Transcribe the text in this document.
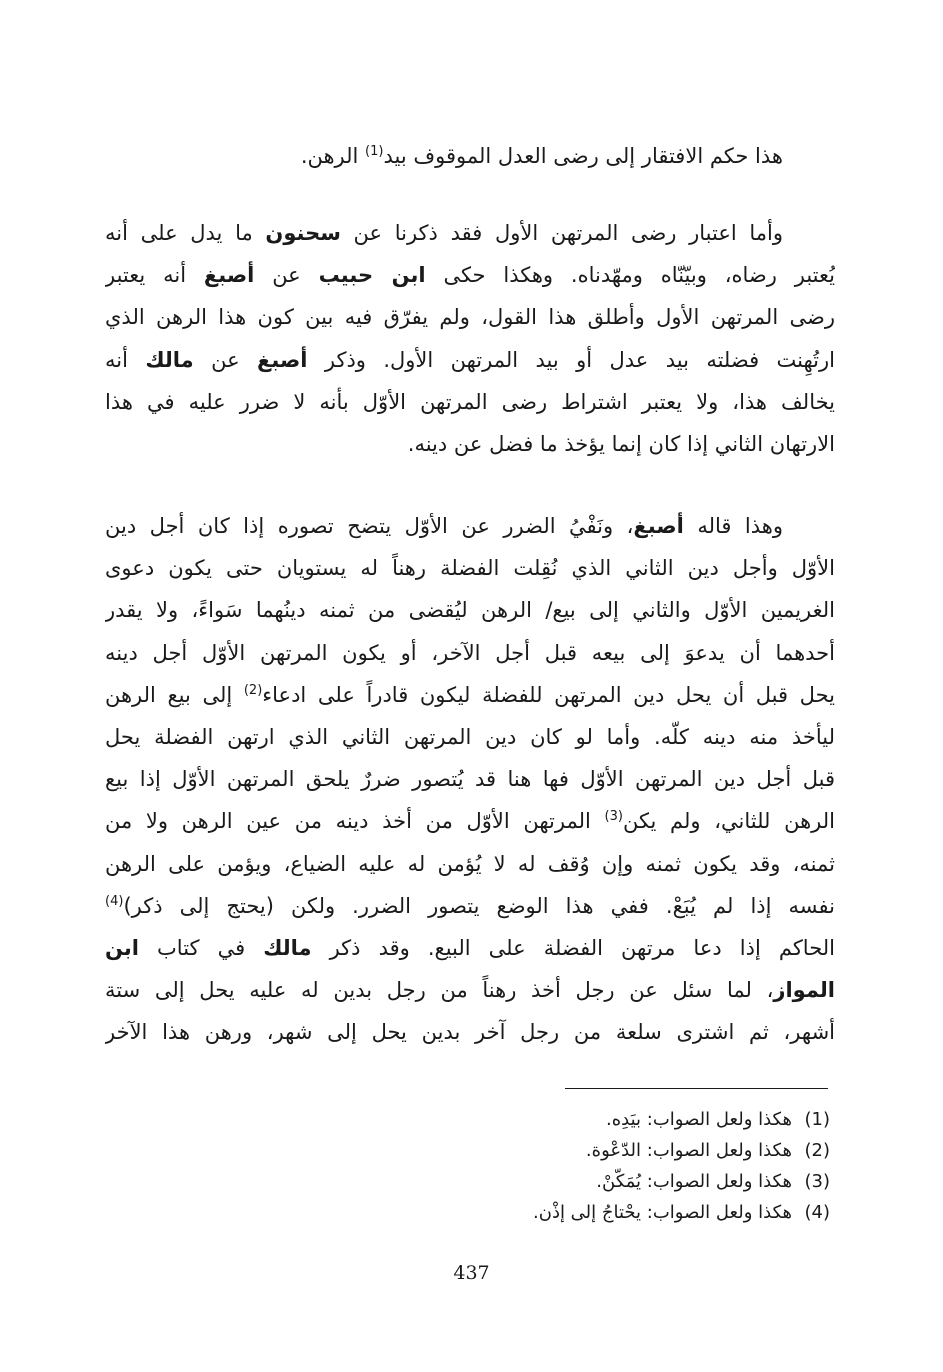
هذا حكم الافتقار إلى رضى العدل الموقوف بيد$^{(1)}$ الرهن.
وأما اعتبار رضى المرتهن الأول فقد ذكرنا عن سحنون ما يدل على أنه
يُعتبر رضاه، وبيّنّاه ومهّدناه. وهكذا حكى ابن حبيب عن أصبغ أنه يعتبر
رضى المرتهن الأول وأطلق هذا القول، ولم يفرّق فيه بين كون هذا الرهن الذي
ارتُهِنت فضلته بيد عدل أو بيد المرتهن الأول. وذكر أصبغ عن مالك أنه
يخالف هذا، ولا يعتبر اشتراط رضى المرتهن الأوّل بأنه لا ضرر عليه في هذا
الارتهان الثاني إذا كان إنما يؤخذ ما فضل عن دينه.
وهذا قاله أصبغ، ونَفْيُ الضرر عن الأوّل يتضح تصوره إذا كان أجل دين
الأوّل وأجل دين الثاني الذي نُقِلت الفضلة رهناً له يستويان حتى يكون دعوى
الغريمين الأوّل والثاني إلى بيع/ الرهن ليُقضى من ثمنه دينُهما سَواءً، ولا يقدر
أحدهما أن يدعوَ إلى بيعه قبل أجل الآخر، أو يكون المرتهن الأوّل أجل دينه
يحل قبل أن يحل دين المرتهن للفضلة ليكون قادراً على ادعاء$^{(2)}$ إلى بيع الرهن
ليأخذ منه دينه كلّه. وأما لو كان دين المرتهن الثاني الذي ارتهن الفضلة يحل
قبل أجل دين المرتهن الأوّل فها هنا قد يُتصور ضررٌ يلحق المرتهن الأوّل إذا بيع
الرهن للثاني، ولم يكن$^{(3)}$ المرتهن الأوّل من أخذ دينه من عين الرهن ولا من
ثمنه، وقد يكون ثمنه وإن وُقف له لا يُؤمن له عليه الضياع، ويؤمن على الرهن
نفسه إذا لم يُبَعْ. ففي هذا الوضع يتصور الضرر. ولكن (يحتج إلى ذكر)$^{(4)}$
الحاكم إذا دعا مرتهن الفضلة على البيع. وقد ذكر مالك في كتاب ابن
المواز، لما سئل عن رجل أخذ رهناً من رجل بدين له عليه يحل إلى ستة
أشهر، ثم اشترى سلعة من رجل آخر بدين يحل إلى شهر، ورهن هذا الآخر
(1)هكذا ولعل الصواب: بيَدِه.
(2)هكذا ولعل الصواب: الدّعْوة.
(3)هكذا ولعل الصواب: يُمَكّنْ.
(4)هكذا ولعل الصواب: يحْتاجُ إلى إذْن.
437
